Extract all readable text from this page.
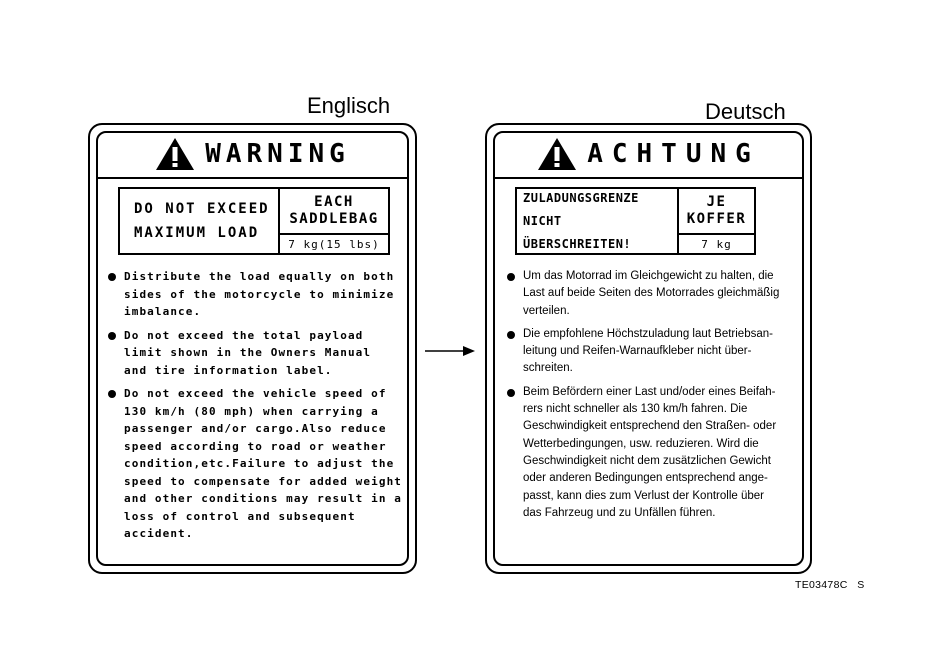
Englisch	Deutsch
WARNING
DO NOT EXCEED
MAXIMUM LOAD
EACH
SADDLEBAG
7 kg(15 lbs)
Distribute the load equally on both
sides of the motorcycle to minimize
imbalance.
Do not exceed the total payload
limit shown in the Owners Manual
and tire information label.
Do not exceed the vehicle speed of
130 km/h (80 mph) when carrying a
passenger and/or cargo.Also reduce
speed according to road or weather
condition,etc.Failure to adjust the
speed to compensate for added weight
and other conditions may result in a
loss of control and subsequent
accident.
ACHTUNG
ZULADUNGSGRENZE
NICHT ÜBERSCHREITEN!
JE
KOFFER
7 kg
Um das Motorrad im Gleichgewicht zu halten, die
Last auf beide Seiten des Motorrades gleichmäßig
verteilen.
Die empfohlene Höchstzuladung laut Betriebsan-
leitung und Reifen-Warnaufkleber nicht über-
schreiten.
Beim Befördern einer Last und/oder eines Beifah-
rers nicht schneller als 130 km/h fahren. Die
Geschwindigkeit entsprechend den Straßen- oder
Wetterbedingungen, usw. reduzieren. Wird die
Geschwindigkeit nicht dem zusätzlichen Gewicht
oder anderen Bedingungen entsprechend ange-
passt, kann dies zum Verlust der Kontrolle über
das Fahrzeug und zu Unfällen führen.
TE03478C   S
